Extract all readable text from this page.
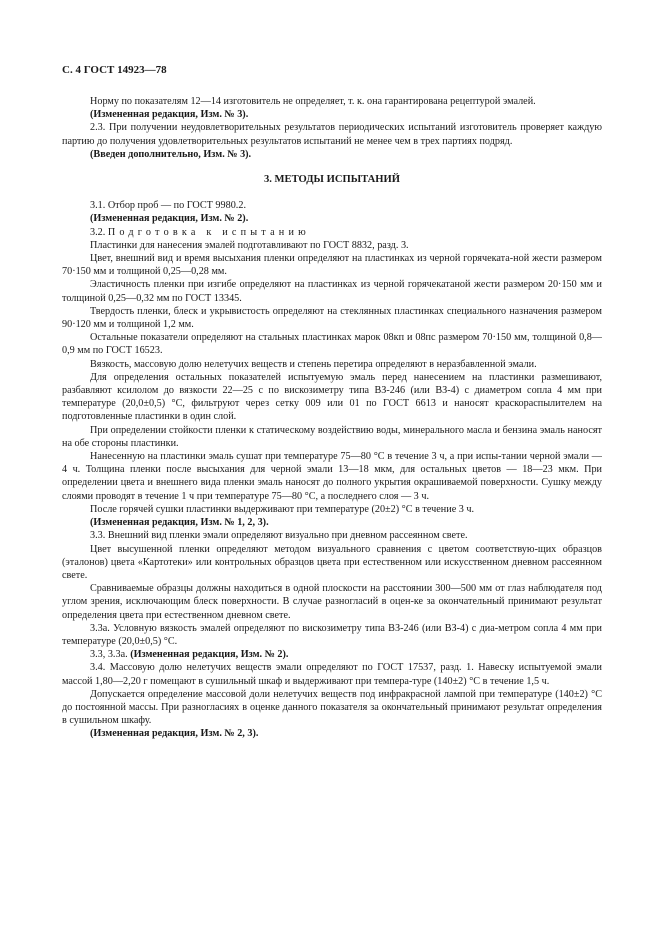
С. 4 ГОСТ 14923—78

Норму по показателям 12—14 изготовитель не определяет, т. к. она гарантирована рецептурой эмалей.

(Измененная редакция, Изм. № 3).

2.3. При получении неудовлетворительных результатов периодических испытаний изготовитель проверяет каждую партию до получения удовлетворительных результатов испытаний не менее чем в трех партиях подряд.

(Введен дополнительно, Изм. № 3).

3. МЕТОДЫ ИСПЫТАНИЙ

3.1. Отбор проб — по ГОСТ 9980.2.

(Измененная редакция, Изм. № 2).

3.2. Подготовка к испытанию

Пластинки для нанесения эмалей подготавливают по ГОСТ 8832, разд. 3.

Цвет, внешний вид и время высыхания пленки определяют на пластинках из черной горячеката-ной жести размером 70·150 мм и толщиной 0,25—0,28 мм.

Эластичность пленки при изгибе определяют на пластинках из черной горячекатаной жести размером 20·150 мм и толщиной 0,25—0,32 мм по ГОСТ 13345.

Твердость пленки, блеск и укрывистость определяют на стеклянных пластинках специального назначения размером 90·120 мм и толщиной 1,2 мм.

Остальные показатели определяют на стальных пластинках марок 08кп и 08пс размером 70·150 мм, толщиной 0,8—0,9 мм по ГОСТ 16523.

Вязкость, массовую долю нелетучих веществ и степень перетира определяют в неразбавленной эмали.

Для определения остальных показателей испытуемую эмаль перед нанесением на пластинки размешивают, разбавляют ксилолом до вязкости 22—25 с по вискозиметру типа ВЗ-246 (или ВЗ-4) с диаметром сопла 4 мм при температуре (20,0±0,5) °С, фильтруют через сетку 009 или 01 по ГОСТ 6613 и наносят краскораспылителем на подготовленные пластинки в один слой.

При определении стойкости пленки к статическому воздействию воды, минерального масла и бензина эмаль наносят на обе стороны пластинки.

Нанесенную на пластинки эмаль сушат при температуре 75—80 °С в течение 3 ч, а при испы-тании черной эмали — 4 ч. Толщина пленки после высыхания для черной эмали 13—18 мкм, для остальных цветов — 18—23 мкм. При определении цвета и внешнего вида пленки эмаль наносят до полного укрытия окрашиваемой поверхности. Сушку между слоями проводят в течение 1 ч при температуре 75—80 °С, а последнего слоя — 3 ч.

После горячей сушки пластинки выдерживают при температуре (20±2) °С в течение 3 ч.

(Измененная редакция, Изм. № 1, 2, 3).

3.3. Внешний вид пленки эмали определяют визуально при дневном рассеянном свете.

Цвет высушенной пленки определяют методом визуального сравнения с цветом соответствую-щих образцов (эталонов) цвета «Картотеки» или контрольных образцов цвета при естественном или искусственном дневном рассеянном свете.

Сравниваемые образцы должны находиться в одной плоскости на расстоянии 300—500 мм от глаз наблюдателя под углом зрения, исключающим блеск поверхности. В случае разногласий в оцен-ке за окончательный принимают результат определения цвета при естественном дневном свете.

3.3а. Условную вязкость эмалей определяют по вискозиметру типа ВЗ-246 (или ВЗ-4) с диа-метром сопла 4 мм при температуре (20,0±0,5) °С.

3.3, 3.3а. (Измененная редакция, Изм. № 2).

3.4. Массовую долю нелетучих веществ эмали определяют по ГОСТ 17537, разд. 1. Навеску испытуемой эмали массой 1,80—2,20 г помещают в сушильный шкаф и выдерживают при темпера-туре (140±2) °С в течение 1,5 ч.

Допускается определение массовой доли нелетучих веществ под инфракрасной лампой при температуре (140±2) °С до постоянной массы. При разногласиях в оценке данного показателя за окончательный принимают результат определения в сушильном шкафу.

(Измененная редакция, Изм. № 2, 3).
